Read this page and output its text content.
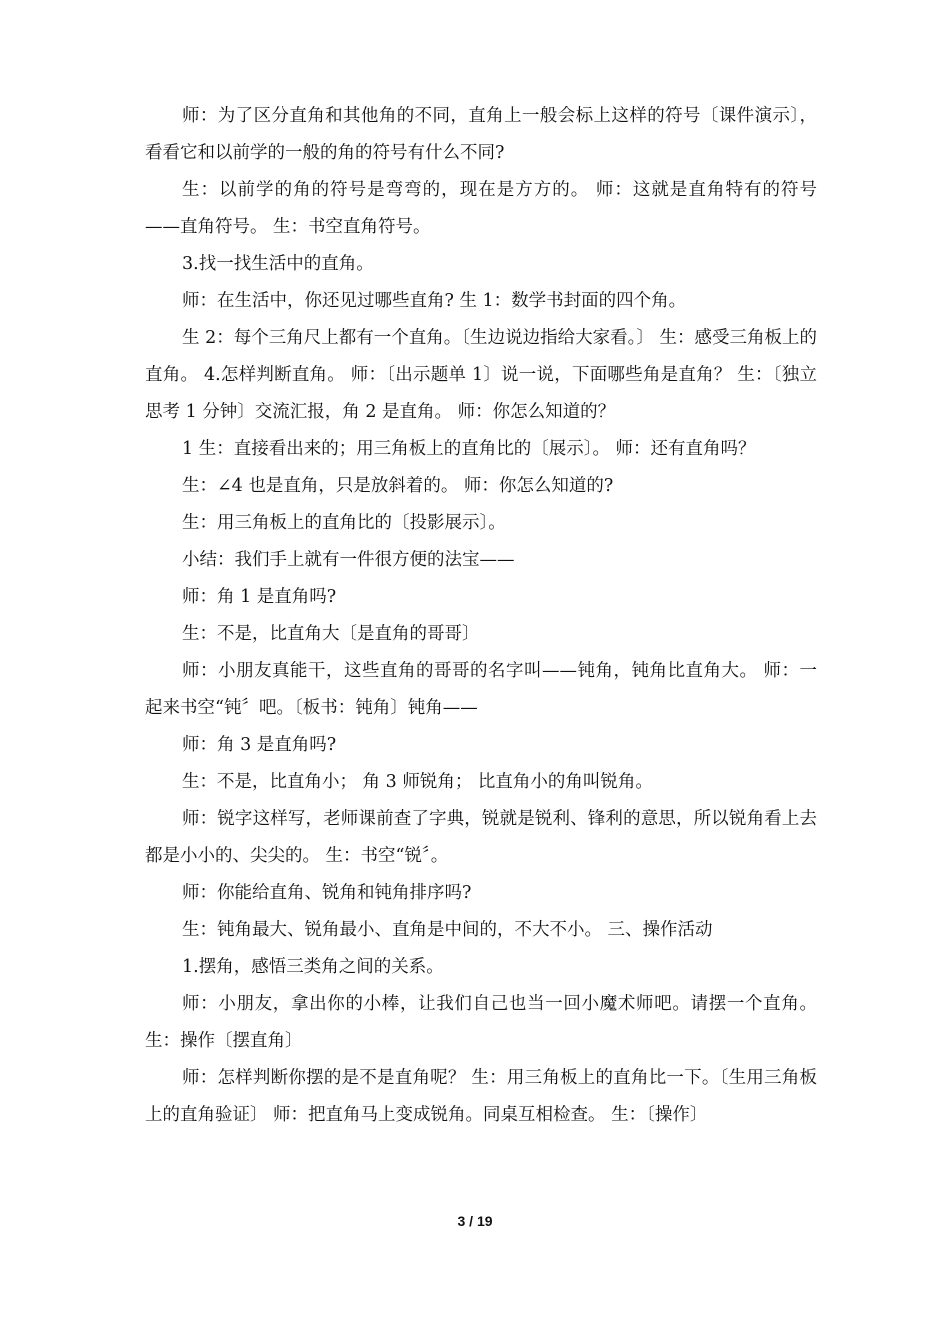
师：为了区分直角和其他角的不同，直角上一般会标上这样的符号〔课件演示〕，看看它和以前学的一般的角的符号有什么不同?

生：以前学的角的符号是弯弯的，现在是方方的。 师：这就是直角特有的符号——直角符号。 生：书空直角符号。

3.找一找生活中的直角。

师：在生活中，你还见过哪些直角? 生 1：数学书封面的四个角。

生 2：每个三角尺上都有一个直角。〔生边说边指给大家看。〕 生：感受三角板上的直角。 4.怎样判断直角。 师：〔出示题单 1〕说一说，下面哪些角是直角？ 生：〔独立思考 1 分钟〕交流汇报，角 2 是直角。 师：你怎么知道的？

1 生：直接看出来的；用三角板上的直角比的〔展示〕。 师：还有直角吗？

生：∠4 也是直角，只是放斜着的。 师：你怎么知道的?

生：用三角板上的直角比的〔投影展示〕。

小结：我们手上就有一件很方便的法宝——

师：角 1 是直角吗?

生：不是，比直角大〔是直角的哥哥〕

师：小朋友真能干，这些直角的哥哥的名字叫——钝角，钝角比直角大。 师：一起来书空“钝〞吧。〔板书：钝角〕钝角——

师：角 3 是直角吗?

生：不是，比直角小； 角 3 师锐角； 比直角小的角叫锐角。

师：锐字这样写，老师课前查了字典，锐就是锐利、锋利的意思，所以锐角看上去都是小小的、尖尖的。 生：书空“锐〞。

师：你能给直角、锐角和钝角排序吗?

生：钝角最大、锐角最小、直角是中间的，不大不小。 三、操作活动

1.摆角，感悟三类角之间的关系。

师：小朋友，拿出你的小棒，让我们自己也当一回小魔术师吧。请摆一个直角。 生：操作〔摆直角〕

师：怎样判断你摆的是不是直角呢？ 生：用三角板上的直角比一下。〔生用三角板上的直角验证〕 师：把直角马上变成锐角。同桌互相检查。 生：〔操作〕

3 / 19
